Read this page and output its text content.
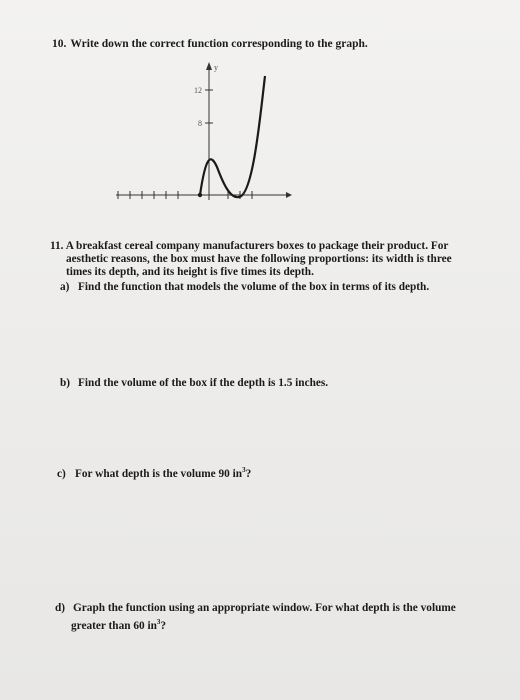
10. Write down the correct function corresponding to the graph.
y
12
8
11. A breakfast cereal company manufacturers boxes to package their product. For
aesthetic reasons, the box must have the following proportions: its width is three
times its depth, and its height is five times its depth.
a) Find the function that models the volume of the box in terms of its depth.
b) Find the volume of the box if the depth is 1.5 inches.
c) For what depth is the volume 90 $in^3$?
d) Graph the function using an appropriate window. For what depth is the volume
greater than 60 $in^3$?
